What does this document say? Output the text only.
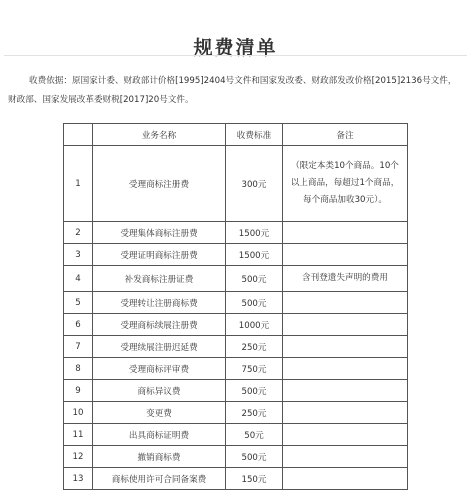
规费清单

收费依据：原国家计委、财政部计价格[1995]2404号文件和国家发改委、财政部发改价格[2015]2136号文件，财政部、国家发展改革委财税[2017]20号文件。

	业务名称	收费标准	备注
1	受理商标注册费	300元	（限定本类10个商品。10个以上商品，每超过1个商品，每个商品加收30元）。
2	受理集体商标注册费	1500元	
3	受理证明商标注册费	1500元	
4	补发商标注册证费	500元	含刊登遗失声明的费用
5	受理转让注册商标费	500元	
6	受理商标续展注册费	1000元	
7	受理续展注册迟延费	250元	
8	受理商标评审费	750元	
9	商标异议费	500元	
10	变更费	250元	
11	出具商标证明费	50元	
12	撤销商标费	500元	
13	商标使用许可合同备案费	150元	
